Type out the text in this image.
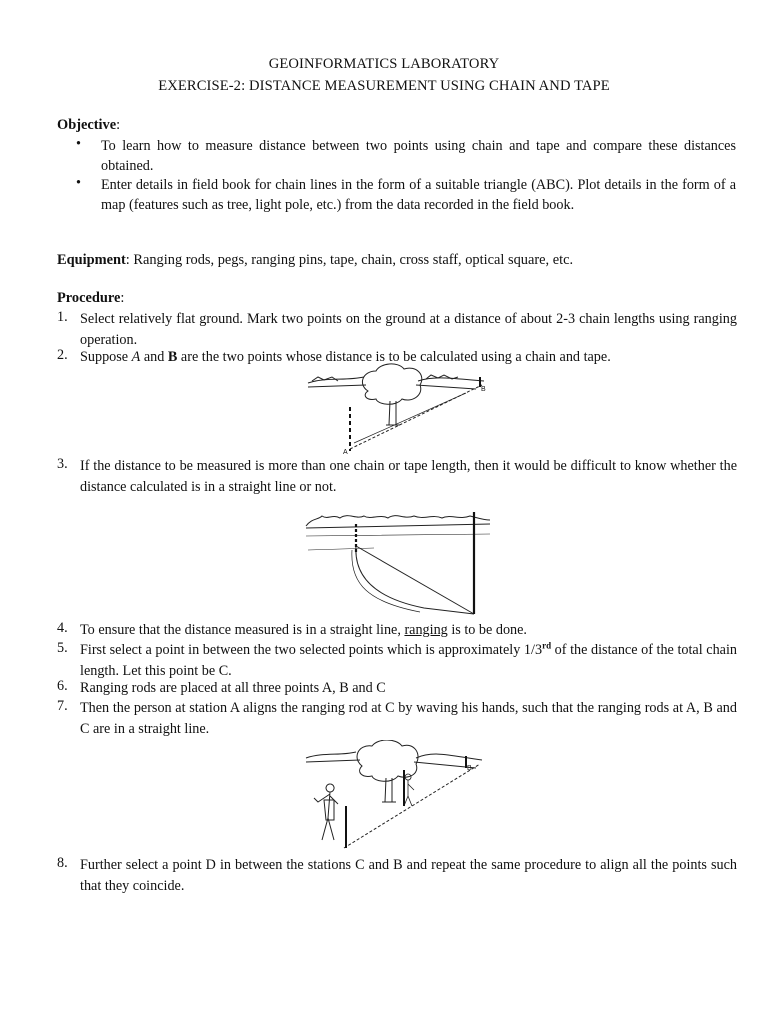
GEOINFORMATICS LABORATORY
EXERCISE-2: DISTANCE MEASUREMENT USING CHAIN AND TAPE
Objective:
• To learn how to measure distance between two points using chain and tape and compare these distances obtained.
• Enter details in field book for chain lines in the form of a suitable triangle (ABC). Plot details in the form of a map (features such as tree, light pole, etc.) from the data recorded in the field book.
Equipment: Ranging rods, pegs, ranging pins, tape, chain, cross staff, optical square, etc.
Procedure:
1. Select relatively flat ground. Mark two points on the ground at a distance of about 2-3 chain lengths using ranging operation.
2. Suppose A and B are the two points whose distance is to be calculated using a chain and tape.
A
B
3. If the distance to be measured is more than one chain or tape length, then it would be difficult to know whether the distance calculated is in a straight line or not.
4. To ensure that the distance measured is in a straight line, ranging is to be done.
5. First select a point in between the two selected points which is approximately 1/3rd of the distance of the total chain length. Let this point be C.
6. Ranging rods are placed at all three points A, B and C
7. Then the person at station A aligns the ranging rod at C by waving his hands, such that the ranging rods at A, B and C are in a straight line.
B
8. Further select a point D in between the stations C and B and repeat the same procedure to align all the points such that they coincide.
